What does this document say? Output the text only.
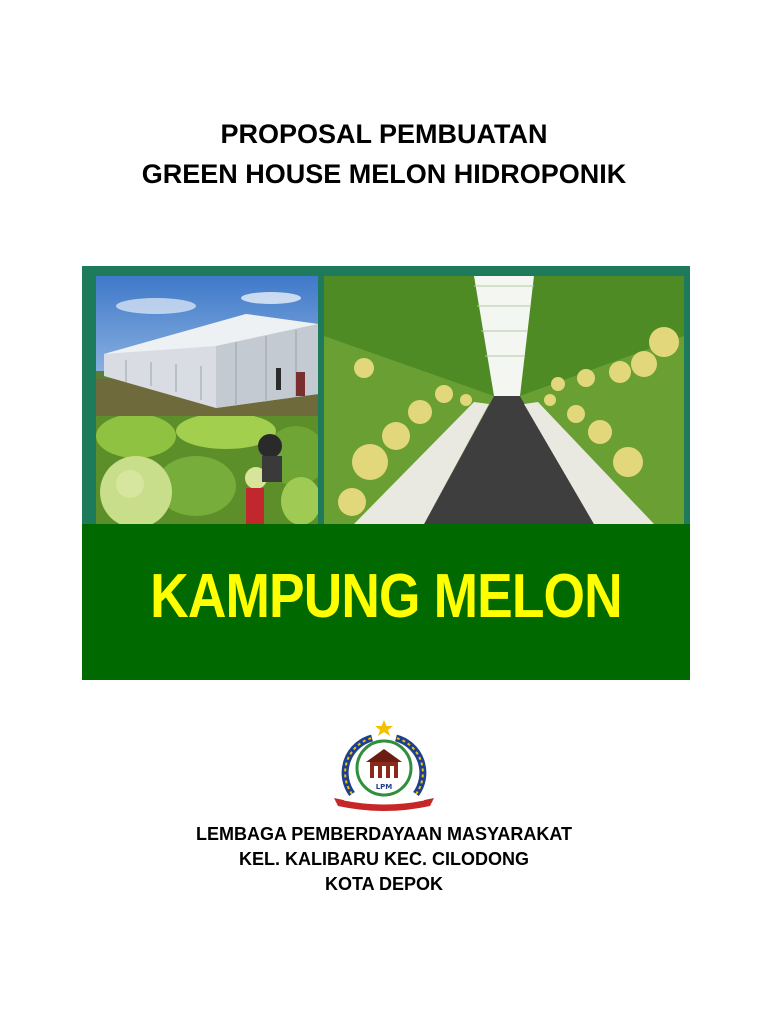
PROPOSAL PEMBUATAN
GREEN HOUSE MELON HIDROPONIK
KAMPUNG MELON
LPM
LEMBAGA PEMBERDAYAAN MASYARAKAT
KEL. KALIBARU KEC. CILODONG
KOTA DEPOK
